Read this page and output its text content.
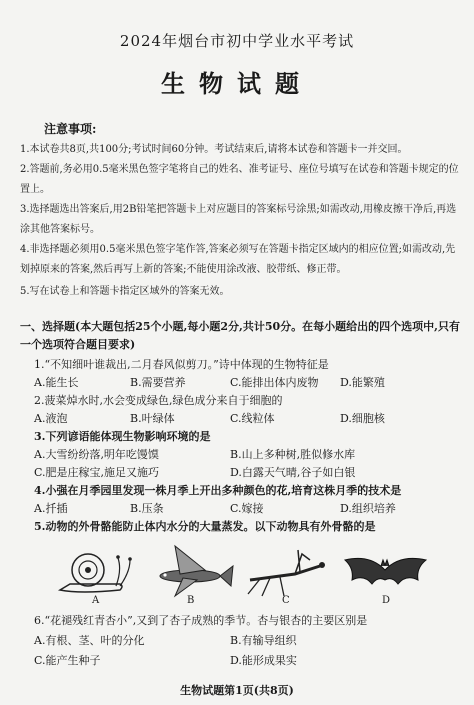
2024年烟台市初中学业水平考试
生物试题
注意事项:
1.本试卷共8页,共100分;考试时间60分钟。考试结束后,请将本试卷和答题卡一并交回。
2.答题前,务必用0.5毫米黑色签字笔将自己的姓名、准考证号、座位号填写在试卷和答题卡规定的位置上。
3.选择题选出答案后,用2B铅笔把答题卡上对应题目的答案标号涂黑;如需改动,用橡皮擦干净后,再选涂其他答案标号。
4.非选择题必须用0.5毫米黑色签字笔作答,答案必须写在答题卡指定区域内的相应位置;如需改动,先划掉原来的答案,然后再写上新的答案;不能使用涂改液、胶带纸、修正带。
5.写在试卷上和答题卡指定区域外的答案无效。
一、选择题(本大题包括25个小题,每小题2分,共计50分。在每小题给出的四个选项中,只有一个选项符合题目要求)
1.“不知细叶谁裁出,二月春风似剪刀。”诗中体现的生物特征是
A.能生长	B.需要营养	C.能排出体内废物 D.能繁殖
2.菠菜焯水时,水会变成绿色,绿色成分来自于细胞的
A.液泡	B.叶绿体	C.线粒体	D.细胞核
3.下列谚语能体现生物影响环境的是
A.大雪纷纷落,明年吃馒馍	B.山上多种树,胜似修水库
C.肥是庄稼宝,施足又施巧	D.白露天气晴,谷子如白银
4.小强在月季园里发现一株月季上开出多种颜色的花,培育这株月季的技术是
A.扦插	B.压条	C.嫁接	D.组织培养
5.动物的外骨骼能防止体内水分的大量蒸发。以下动物具有外骨骼的是
A	B	C	D
6.“花褪残红青杏小”,又到了杏子成熟的季节。杏与银杏的主要区别是
A.有根、茎、叶的分化	B.有输导组织
C.能产生种子	D.能形成果实
生物试题第1页(共8页)
